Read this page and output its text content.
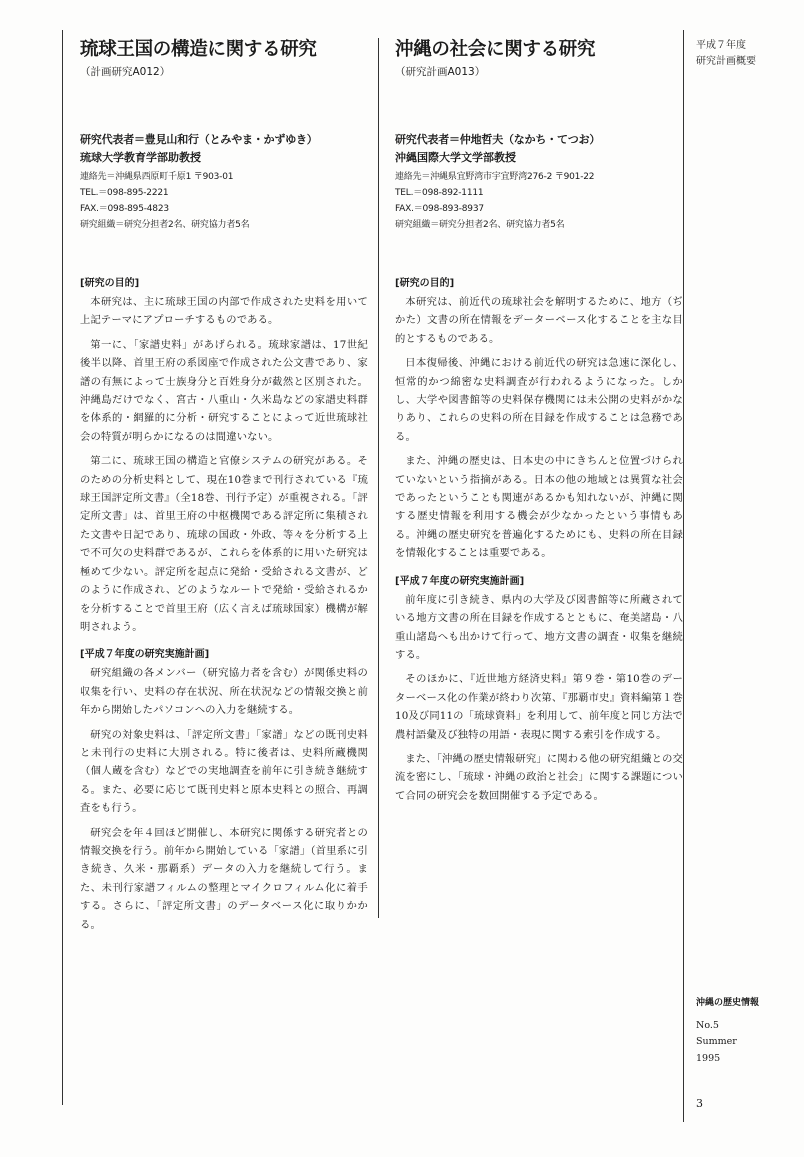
琉球王国の構造に関する研究
（計画研究A012）
研究代表者＝豊見山和行（とみやま・かずゆき）
琉球大学教育学部助教授
連絡先＝沖縄県西原町千原1 〒903-01
TEL.＝098-895-2221
FAX.＝098-895-4823
研究組織＝研究分担者2名、研究協力者5名
[研究の目的]

本研究は、主に琉球王国の内部で作成された史料を用いて上記テーマにアプローチするものである。

第一に、「家譜史料」があげられる。琉球家譜は、17世紀後半以降、首里王府の系図座で作成された公文書であり、家譜の有無によって士族身分と百姓身分が截然と区別された。沖縄島だけでなく、宮古・八重山・久米島などの家譜史料群を体系的・網羅的に分析・研究することによって近世琉球社会の特質が明らかになるのは間違いない。

第二に、琉球王国の構造と官僚システムの研究がある。そのための分析史料として、現在10巻まで刊行されている『琉球王国評定所文書』（全18巻、刊行予定）が重視される。「評定所文書」は、首里王府の中枢機関である評定所に集積された文書や日記であり、琉球の国政・外政、等々を分析する上で不可欠の史料群であるが、これらを体系的に用いた研究は極めて少ない。評定所を起点に発給・受給される文書が、どのように作成され、どのようなルートで発給・受給されるかを分析することで首里王府（広く言えば琉球国家）機構が解明されよう。

[平成７年度の研究実施計画]

研究組織の各メンバー（研究協力者を含む）が関係史料の収集を行い、史料の存在状況、所在状況などの情報交換と前年から開始したパソコンへの入力を継続する。

研究の対象史料は、「評定所文書」「家譜」などの既刊史料と未刊行の史料に大別される。特に後者は、史料所蔵機関（個人蔵を含む）などでの実地調査を前年に引き続き継続する。また、必要に応じて既刊史料と原本史料との照合、再調査をも行う。

研究会を年４回ほど開催し、本研究に関係する研究者との情報交換を行う。前年から開始している「家譜」（首里系に引き続き、久米・那覇系）データの入力を継続して行う。また、未刊行家譜フィルムの整理とマイクロフィルム化に着手する。さらに、「評定所文書」のデータベース化に取りかかる。

沖縄の社会に関する研究
（研究計画A013）
研究代表者＝仲地哲夫（なかち・てつお）
沖縄国際大学文学部教授
連絡先＝沖縄県宜野湾市宇宜野湾276-2 〒901-22
TEL.＝098-892-1111
FAX.＝098-893-8937
研究組織＝研究分担者2名、研究協力者5名
[研究の目的]

本研究は、前近代の琉球社会を解明するために、地方（ぢかた）文書の所在情報をデーターベース化することを主な目的とするものである。

日本復帰後、沖縄における前近代の研究は急速に深化し、恒常的かつ綿密な史料調査が行われるようになった。しかし、大学や図書館等の史料保存機関には未公開の史料がかなりあり、これらの史料の所在目録を作成することは急務である。

また、沖縄の歴史は、日本史の中にきちんと位置づけられていないという指摘がある。日本の他の地域とは異質な社会であったということも関連があるかも知れないが、沖縄に関する歴史情報を利用する機会が少なかったという事情もある。沖縄の歴史研究を普遍化するためにも、史料の所在目録を情報化することは重要である。

[平成７年度の研究実施計画]

前年度に引き続き、県内の大学及び図書館等に所蔵されている地方文書の所在目録を作成するとともに、奄美諸島・八重山諸島へも出かけて行って、地方文書の調査・収集を継続する。

そのほかに、『近世地方経済史料』第９巻・第10巻のデーターベース化の作業が終わり次第、『那覇市史』資料編第１巻10及び同11の「琉球資料」を利用して、前年度と同じ方法で農村語彙及び独特の用語・表現に関する索引を作成する。

また、「沖縄の歴史情報研究」に関わる他の研究組織との交流を密にし、「琉球・沖縄の政治と社会」に関する課題について合同の研究会を数回開催する予定である。

平成７年度
研究計画概要
沖縄の歴史情報
No.5
Summer
1995
3
